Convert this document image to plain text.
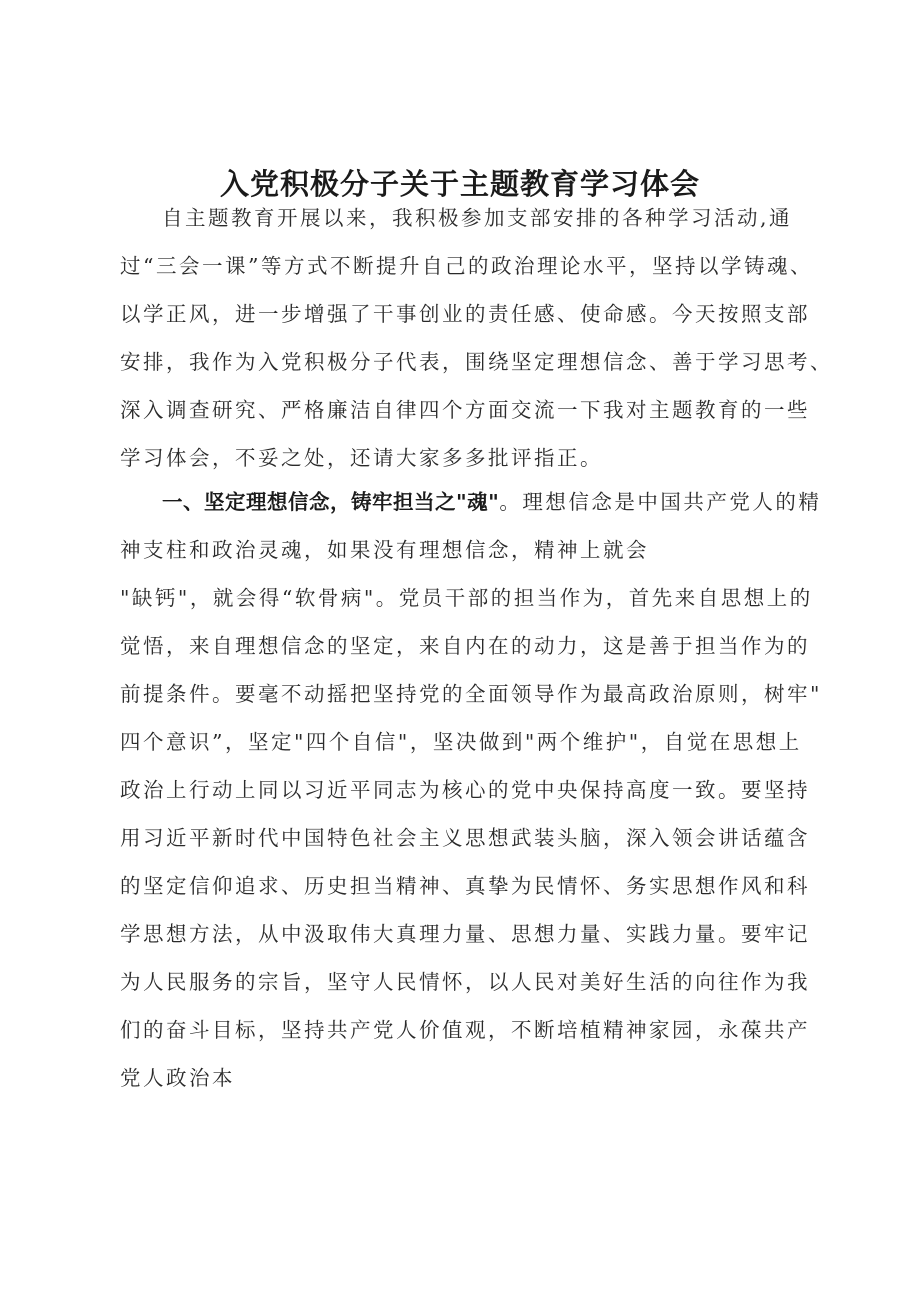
入党积极分子关于主题教育学习体会
自主题教育开展以来，我积极参加支部安排的各种学习活动,通
过“三会一课”等方式不断提升自己的政治理论水平，坚持以学铸魂、
以学正风，进一步增强了干事创业的责任感、使命感。今天按照支部
安排，我作为入党积极分子代表，围绕坚定理想信念、善于学习思考、
深入调查研究、严格廉洁自律四个方面交流一下我对主题教育的一些
学习体会，不妥之处，还请大家多多批评指正。
一、坚定理想信念，铸牢担当之"魂"。理想信念是中国共产党人的精
神支柱和政治灵魂，如果没有理想信念，精神上就会
"缺钙"，就会得“软骨病"。党员干部的担当作为，首先来自思想上的
觉悟，来自理想信念的坚定，来自内在的动力，这是善于担当作为的
前提条件。要毫不动摇把坚持党的全面领导作为最高政治原则，树牢"
四个意识”，坚定"四个自信"，坚决做到"两个维护"，自觉在思想上
政治上行动上同以习近平同志为核心的党中央保持高度一致。要坚持
用习近平新时代中国特色社会主义思想武装头脑，深入领会讲话蕴含
的坚定信仰追求、历史担当精神、真挚为民情怀、务实思想作风和科
学思想方法，从中汲取伟大真理力量、思想力量、实践力量。要牢记
为人民服务的宗旨，坚守人民情怀，以人民对美好生活的向往作为我
们的奋斗目标，坚持共产党人价值观，不断培植精神家园，永葆共产
党人政治本
